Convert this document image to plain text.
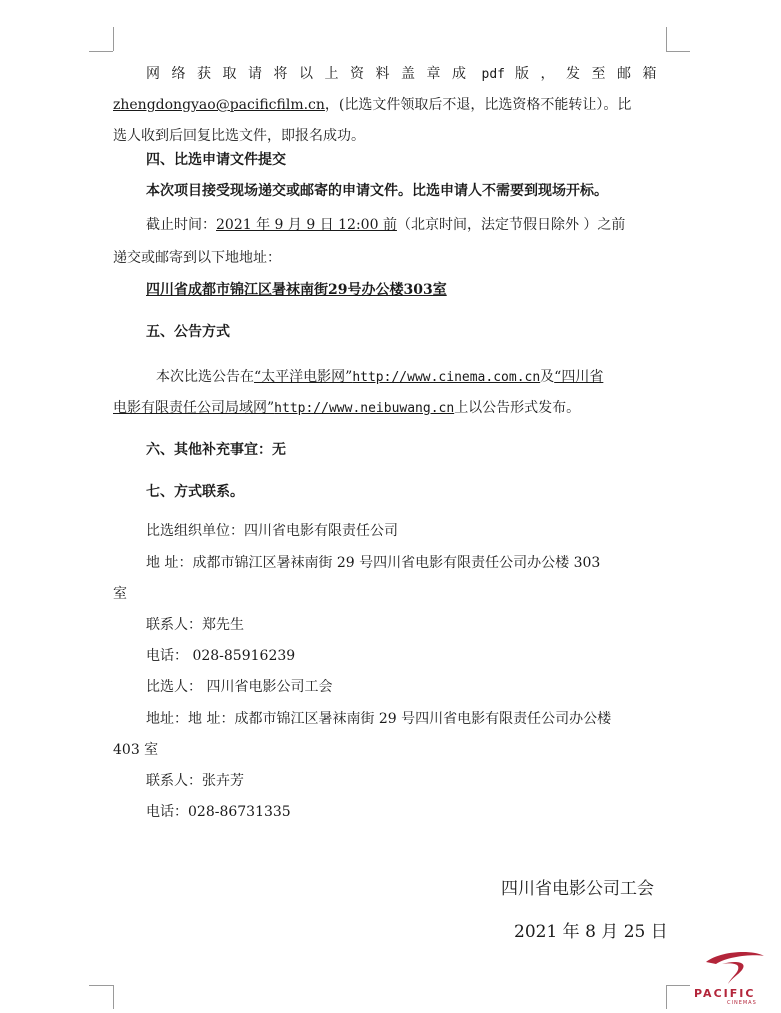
网络获取请将以上资料盖章成 pdf 版，发至邮箱
zhengdongyao@pacificfilm.cn，(比选文件领取后不退，比选资格不能转让）。比
选人收到后回复比选文件，即报名成功。
四、比选申请文件提交
本次项目接受现场递交或邮寄的申请文件。比选申请人不需要到现场开标。
截止时间：2021 年 9 月 9 日 12:00 前（北京时间，法定节假日除外 ）之前
递交或邮寄到以下地地址：
四川省成都市锦江区暑袜南街29号办公楼303室
五、公告方式
本次比选公告在“太平洋电影网”http://www.cinema.com.cn及“四川省
电影有限责任公司局域网”http://www.neibuwang.cn上以公告形式发布。
六、其他补充事宜：无
七、方式联系。
比选组织单位：四川省电影有限责任公司
地 址：成都市锦江区暑袜南街 29 号四川省电影有限责任公司办公楼 303
室
联系人：郑先生
电话： 028-85916239
比选人： 四川省电影公司工会
地址：地 址：成都市锦江区暑袜南街 29 号四川省电影有限责任公司办公楼
403 室
联系人：张卉芳
电话：028-86731335
四川省电影公司工会
2021 年 8 月 25 日
PACIFIC
CINEMAS
